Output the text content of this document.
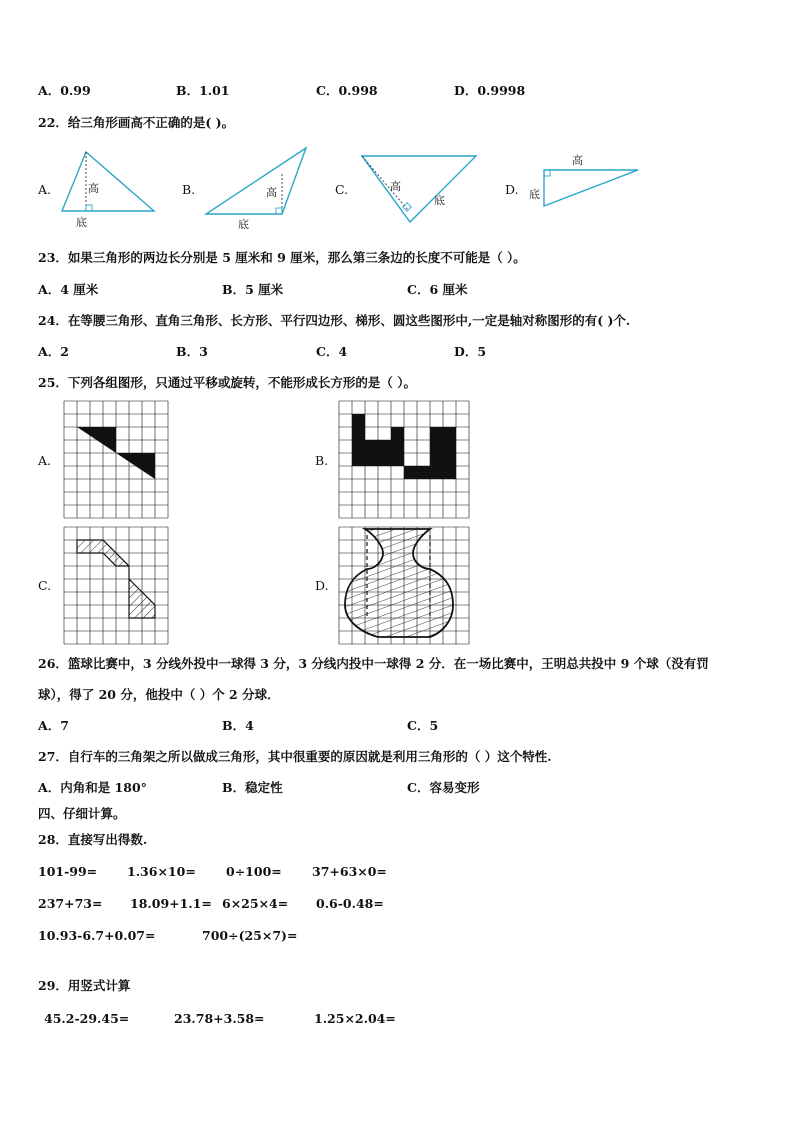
A．0.99	B．1.01	C．0.998	D．0.9998
22．给三角形画高不正确的是( )。
A.	B.	C.	D.
高
底
高
底
高
底
高
底
23．如果三角形的两边长分别是 5 厘米和 9 厘米，那么第三条边的长度不可能是（ ）。
A．4 厘米	B．5 厘米	C．6 厘米
24．在等腰三角形、直角三角形、长方形、平行四边形、梯形、圆这些图形中,一定是轴对称图形的有( )个.
A．2	B．3	C．4	D．5
25．下列各组图形，只通过平移或旋转，不能形成长方形的是（ ）。
A.	B.
C.	D.
26．篮球比赛中，3 分线外投中一球得 3 分，3 分线内投中一球得 2 分．在一场比赛中，王明总共投中 9 个球（没有罚
球），得了 20 分，他投中（ ）个 2 分球．
A．7	B．4	C．5
27．自行车的三角架之所以做成三角形，其中很重要的原因就是利用三角形的（ ）这个特性.
A．内角和是 180°	B．稳定性	C．容易变形
四、仔细计算。
28．直接写出得数.
101-99= 1.36×10= 0÷100= 37+63×0=
237+73= 18.09+1.1= 6×25×4= 0.6-0.48=
10.93-6.7+0.07=	700÷(25×7)=
29．用竖式计算
45.2-29.45=	23.78+3.58=	1.25×2.04=
